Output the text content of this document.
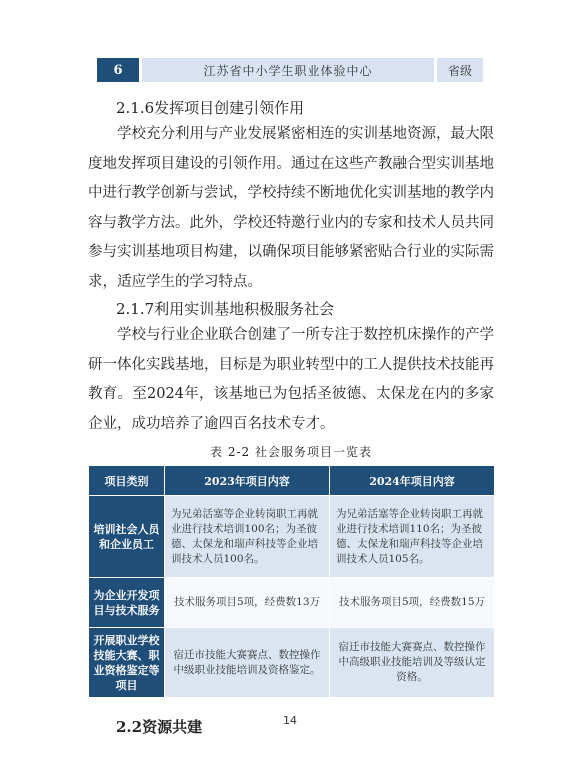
6	江苏省中小学生职业体验中心	省级
2.1.6发挥项目创建引领作用

学校充分利用与产业发展紧密相连的实训基地资源，最大限度地发挥项目建设的引领作用。通过在这些产教融合型实训基地中进行教学创新与尝试，学校持续不断地优化实训基地的教学内容与教学方法。此外，学校还特邀行业内的专家和技术人员共同参与实训基地项目构建，以确保项目能够紧密贴合行业的实际需求，适应学生的学习特点。

2.1.7利用实训基地积极服务社会

学校与行业企业联合创建了一所专注于数控机床操作的产学研一体化实践基地，目标是为职业转型中的工人提供技术技能再教育。至2024年，该基地已为包括圣彼德、太保龙在内的多家企业，成功培养了逾四百名技术专才。

表 2-2 社会服务项目一览表
项目类别	2023年项目内容	2024年项目内容
培训社会人员和企业员工	为兄弟活塞等企业转岗职工再就业进行技术培训100名；为圣彼德、太保龙和瑞声科技等企业培训技术人员100名。	为兄弟活塞等企业转岗职工再就业进行技术培训110名；为圣彼德、太保龙和瑞声科技等企业培训技术人员105名。
为企业开发项目与技术服务	技术服务项目5项，经费数13万	技术服务项目5项，经费数15万
开展职业学校技能大赛、职业资格鉴定等项目	宿迁市技能大赛赛点、数控操作中级职业技能培训及资格鉴定。	宿迁市技能大赛赛点、数控操作中高级职业技能培训及等级认定资格。
2.2资源共建	14
